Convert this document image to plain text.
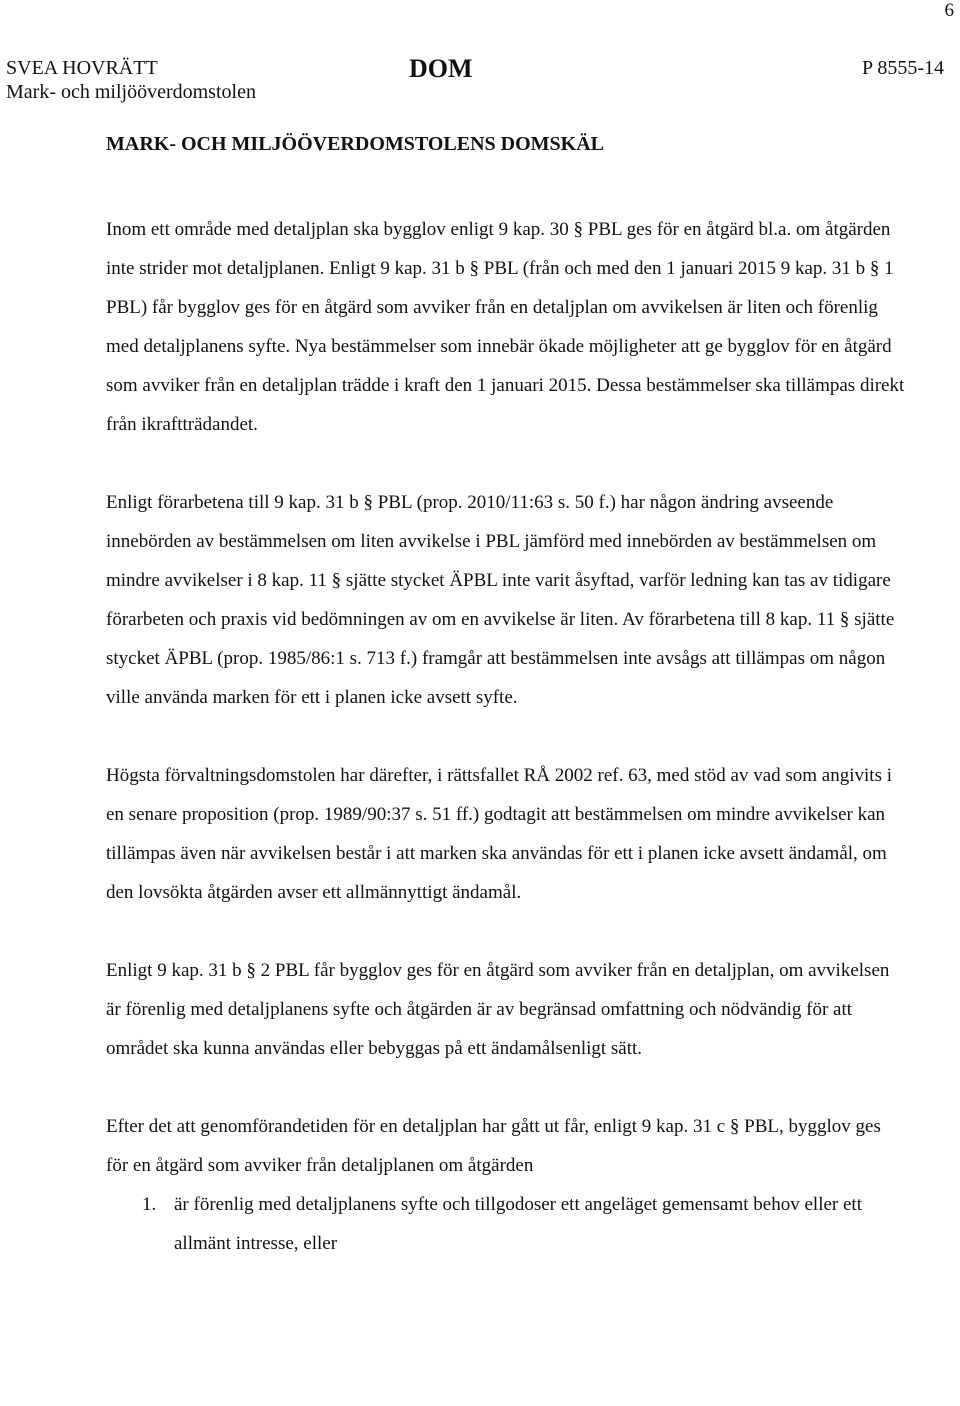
6
SVEA HOVRÄTT
Mark- och miljööverdomstolen
DOM	P 8555-14
MARK- OCH MILJÖÖVERDOMSTOLENS DOMSKÄL

Inom ett område med detaljplan ska bygglov enligt 9 kap. 30 § PBL ges för en åtgärd bl.a. om åtgärden inte strider mot detaljplanen. Enligt 9 kap. 31 b § PBL (från och med den 1 januari 2015 9 kap. 31 b § 1 PBL) får bygglov ges för en åtgärd som avviker från en detaljplan om avvikelsen är liten och förenlig med detaljplanens syfte. Nya bestämmelser som innebär ökade möjligheter att ge bygglov för en åtgärd som avviker från en detaljplan trädde i kraft den 1 januari 2015. Dessa bestämmelser ska tillämpas direkt från ikraftträdandet.

Enligt förarbetena till 9 kap. 31 b § PBL (prop. 2010/11:63 s. 50 f.) har någon ändring avseende innebörden av bestämmelsen om liten avvikelse i PBL jämförd med innebörden av bestämmelsen om mindre avvikelser i 8 kap. 11 § sjätte stycket ÄPBL inte varit åsyftad, varför ledning kan tas av tidigare förarbeten och praxis vid bedömningen av om en avvikelse är liten. Av förarbetena till 8 kap. 11 § sjätte stycket ÄPBL (prop. 1985/86:1 s. 713 f.) framgår att bestämmelsen inte avsågs att tillämpas om någon ville använda marken för ett i planen icke avsett syfte.

Högsta förvaltningsdomstolen har därefter, i rättsfallet RÅ 2002 ref. 63, med stöd av vad som angivits i en senare proposition (prop. 1989/90:37 s. 51 ff.) godtagit att bestämmelsen om mindre avvikelser kan tillämpas även när avvikelsen består i att marken ska användas för ett i planen icke avsett ändamål, om den lovsökta åtgärden avser ett allmännyttigt ändamål.

Enligt 9 kap. 31 b § 2 PBL får bygglov ges för en åtgärd som avviker från en detaljplan, om avvikelsen är förenlig med detaljplanens syfte och åtgärden är av begränsad omfattning och nödvändig för att området ska kunna användas eller bebyggas på ett ändamålsenligt sätt.

Efter det att genomförandetiden för en detaljplan har gått ut får, enligt 9 kap. 31 c § PBL, bygglov ges för en åtgärd som avviker från detaljplanen om åtgärden

1. är förenlig med detaljplanens syfte och tillgodoser ett angeläget gemensamt behov eller ett allmänt intresse, eller
